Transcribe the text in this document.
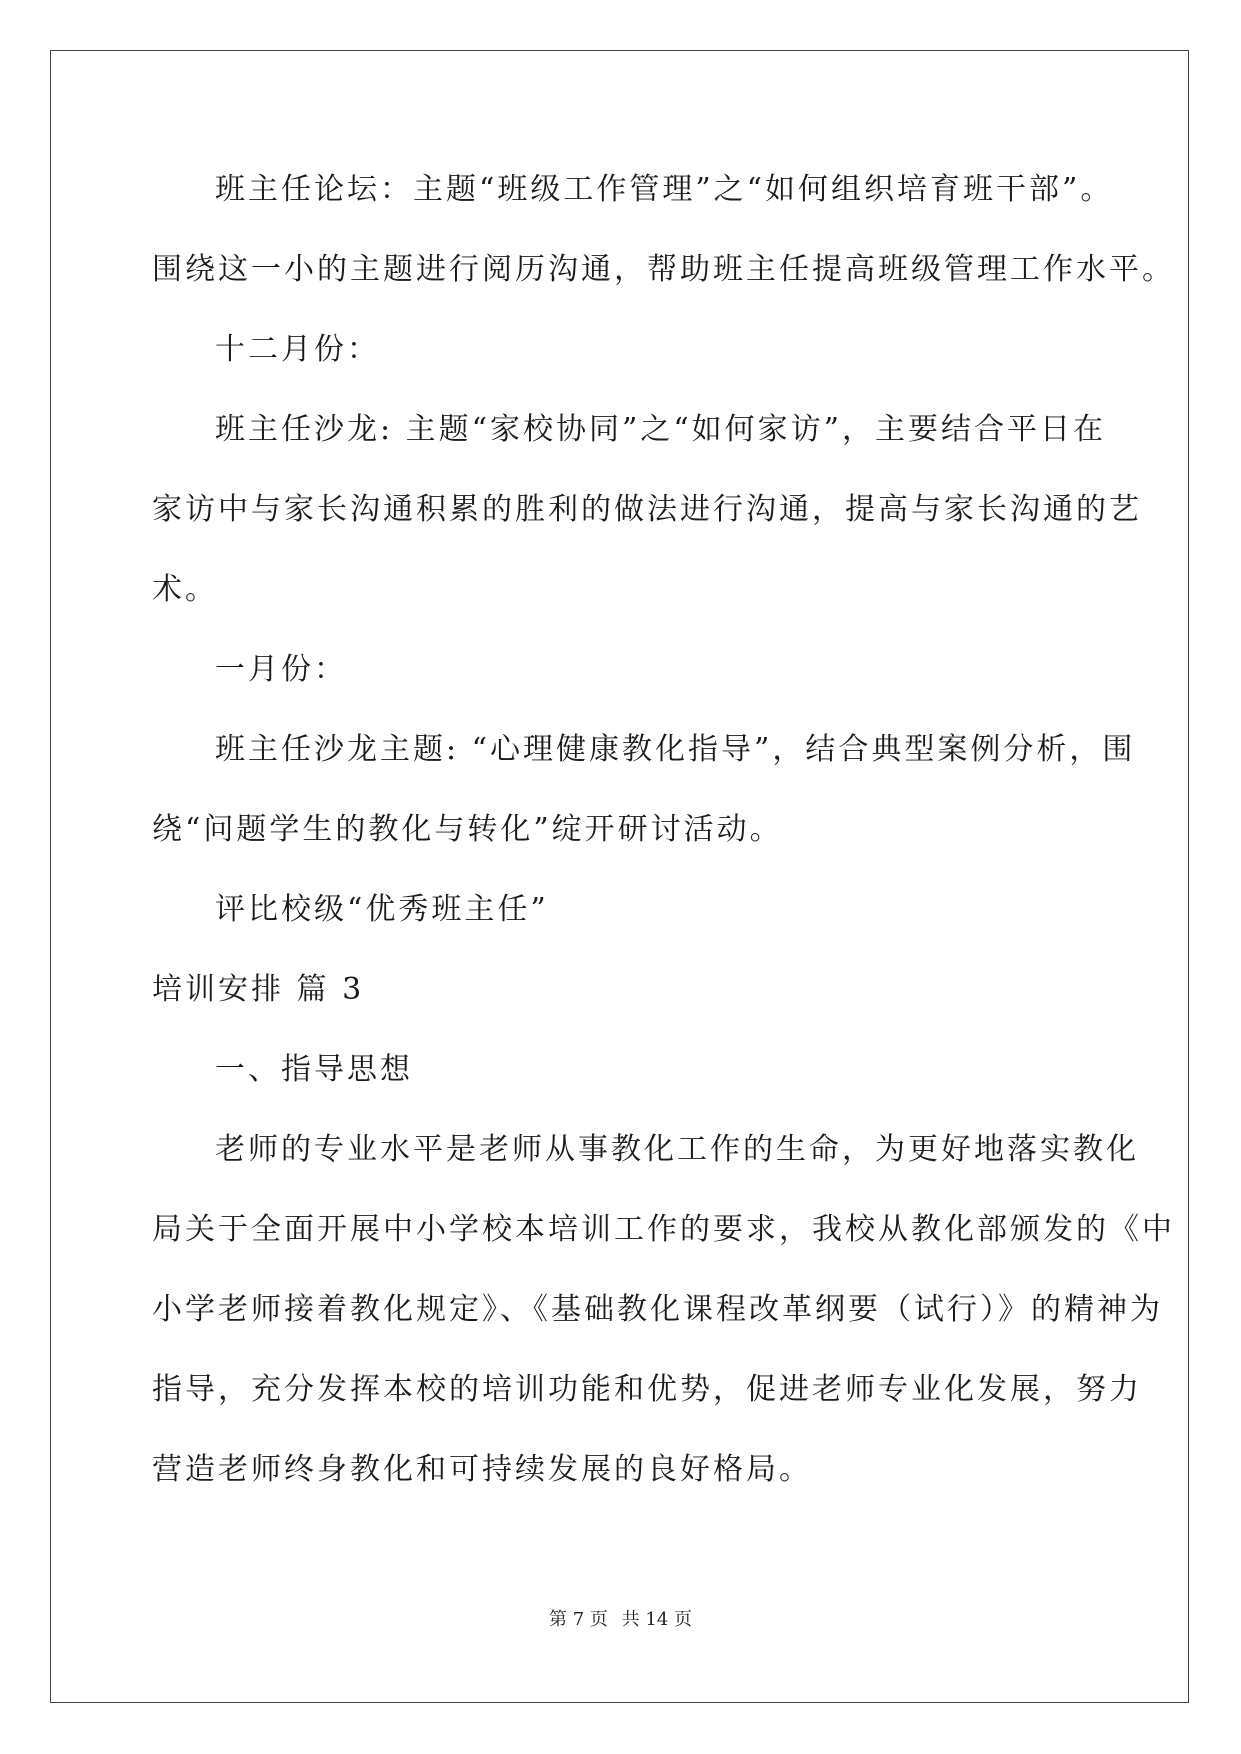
班主任论坛：主题“班级工作管理”之“如何组织培育班干部”。
围绕这一小的主题进行阅历沟通，帮助班主任提高班级管理工作水平。
十二月份：
班主任沙龙: 主题“家校协同”之“如何家访”，主要结合平日在
家访中与家长沟通积累的胜利的做法进行沟通，提高与家长沟通的艺
术。
一月份：
班主任沙龙主题: “心理健康教化指导”，结合典型案例分析，围
绕“问题学生的教化与转化”绽开研讨活动。
评比校级“优秀班主任”
培训安排 篇 3
一、指导思想
老师的专业水平是老师从事教化工作的生命，为更好地落实教化
局关于全面开展中小学校本培训工作的要求，我校从教化部颁发的《中
小学老师接着教化规定》、《基础教化课程改革纲要（试行）》的精神为
指导，充分发挥本校的培训功能和优势，促进老师专业化发展，努力
营造老师终身教化和可持续发展的良好格局。
第 7 页 共 14 页
